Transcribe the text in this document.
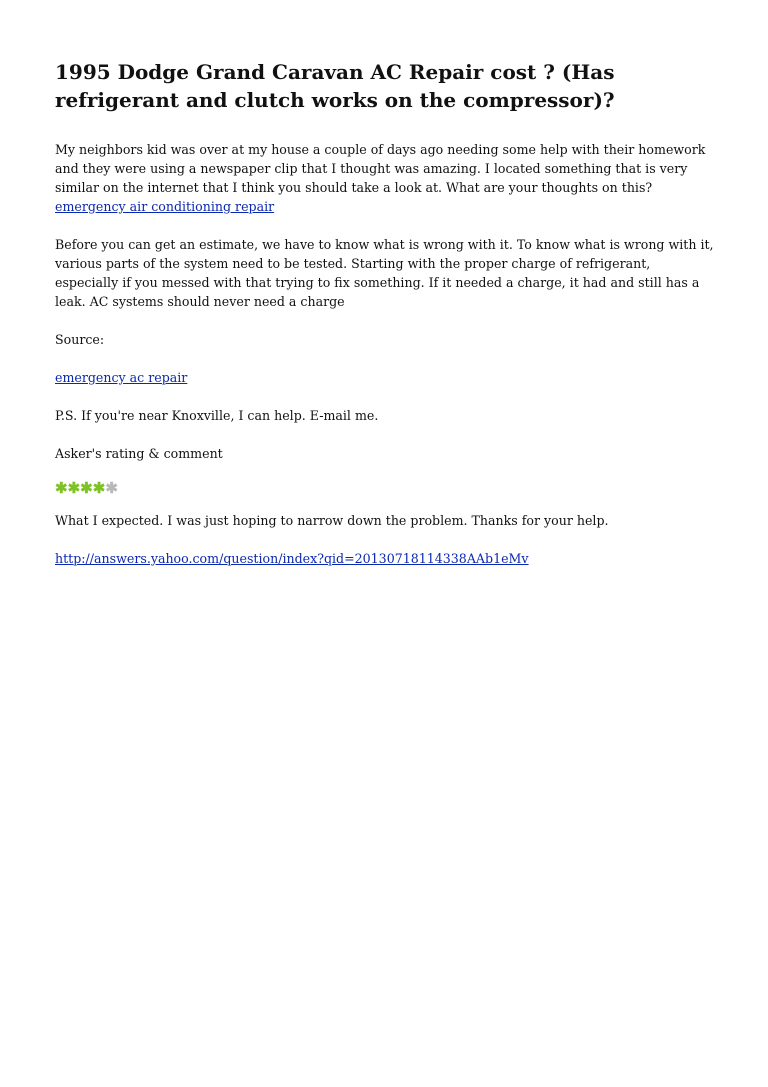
1995 Dodge Grand Caravan AC Repair cost ? (Has refrigerant and clutch works on the compressor)?

My neighbors kid was over at my house a couple of days ago needing some help with their homework and they were using a newspaper clip that I thought was amazing. I located something that is very similar on the internet that I think you should take a look at. What are your thoughts on this? emergency air conditioning repair

Before you can get an estimate, we have to know what is wrong with it. To know what is wrong with it, various parts of the system need to be tested. Starting with the proper charge of refrigerant, especially if you messed with that trying to fix something. If it needed a charge, it had and still has a leak. AC systems should never need a charge

Source:

emergency ac repair

P.S. If you're near Knoxville, I can help. E-mail me.

Asker's rating & comment

✱✱✱✱✱

What I expected. I was just hoping to narrow down the problem. Thanks for your help.

http://answers.yahoo.com/question/index?qid=20130718114338AAb1eMv
